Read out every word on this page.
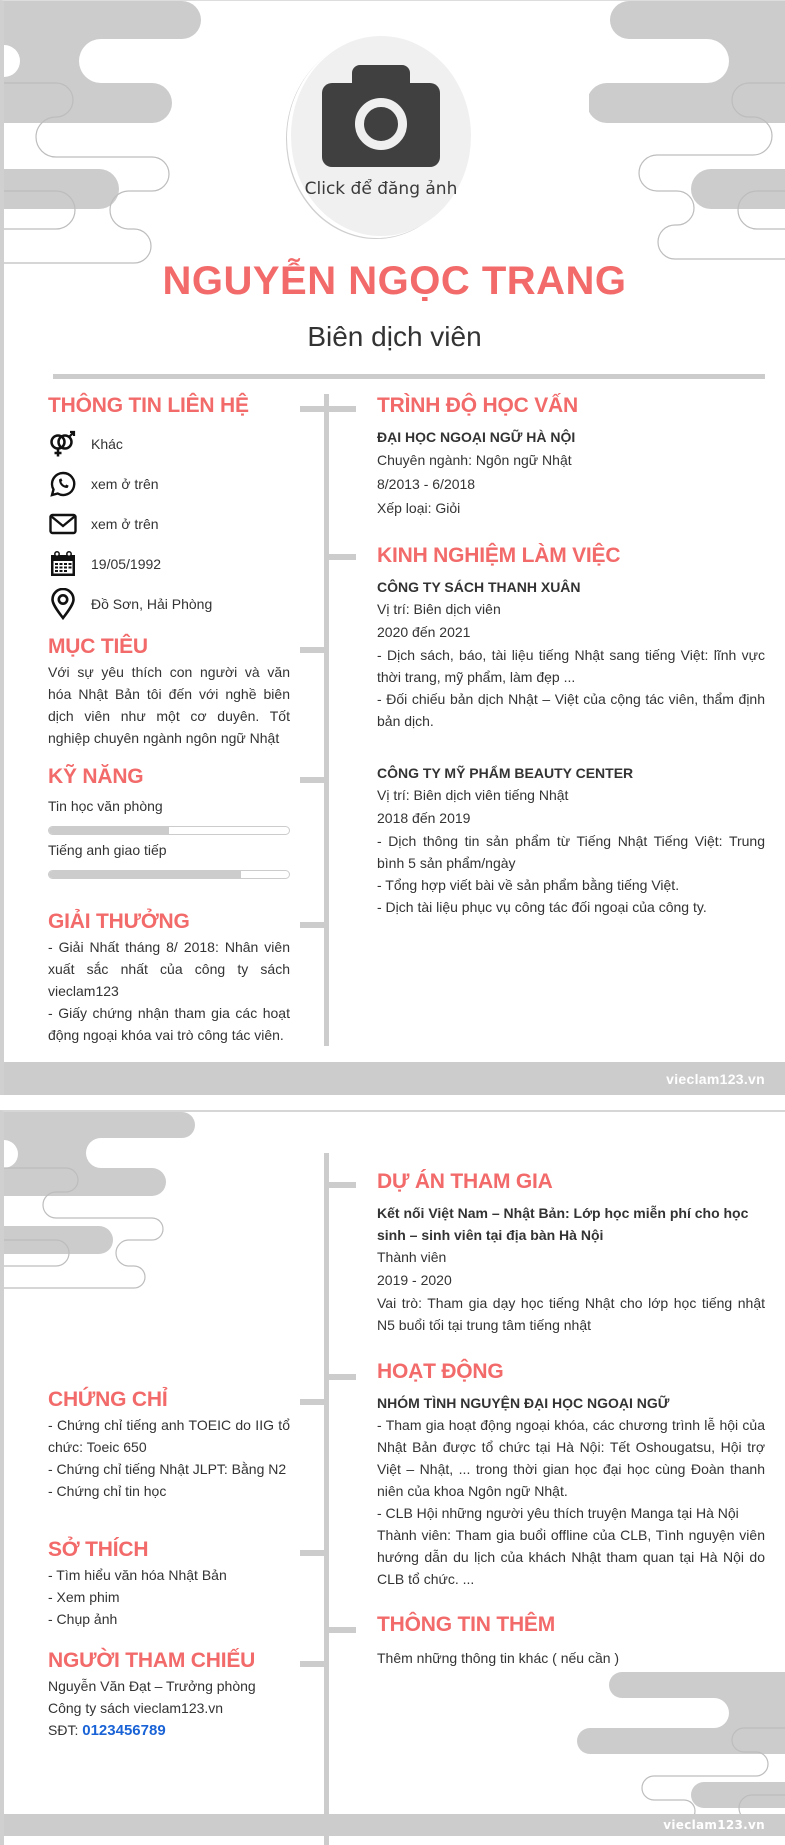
Click để đăng ảnh
NGUYỄN NGỌC TRANG
Biên dịch viên
THÔNG TIN LIÊN HỆ
Khác
xem ở trên
xem ở trên
19/05/1992
Đồ Sơn, Hải Phòng
MỤC TIÊU
Với sự yêu thích con người và văn hóa Nhật Bản tôi đến với nghề biên dịch viên như một cơ duyên. Tốt nghiệp chuyên ngành ngôn ngữ Nhật
KỸ NĂNG
Tin học văn phòng
Tiếng anh giao tiếp
GIẢI THƯỞNG
- Giải Nhất tháng 8/ 2018: Nhân viên xuất sắc nhất của công ty sách vieclam123
- Giấy chứng nhận tham gia các hoạt động ngoại khóa vai trò công tác viên.
TRÌNH ĐỘ HỌC VẤN
ĐẠI HỌC NGOẠI NGỮ HÀ NỘI
Chuyên ngành: Ngôn ngữ Nhật
8/2013 - 6/2018
Xếp loại: Giỏi
KINH NGHIỆM LÀM VIỆC
CÔNG TY SÁCH THANH XUÂN
Vị trí: Biên dịch viên
2020 đến 2021
- Dịch sách, báo, tài liệu tiếng Nhật sang tiếng Việt: lĩnh vực thời trang, mỹ phẩm, làm đẹp ...
- Đối chiếu bản dịch Nhật – Việt của cộng tác viên, thẩm định bản dịch.
CÔNG TY MỸ PHẨM BEAUTY CENTER
Vị trí: Biên dịch viên tiếng Nhật
2018 đến 2019
- Dịch thông tin sản phẩm từ Tiếng Nhật Tiếng Việt: Trung bình 5 sản phẩm/ngày
- Tổng hợp viết bài về sản phẩm bằng tiếng Việt.
- Dịch tài liệu phục vụ công tác đối ngoại của công ty.
vieclam123.vn
CHỨNG CHỈ
- Chứng chỉ tiếng anh TOEIC do IIG tổ chức: Toeic 650
- Chứng chỉ tiếng Nhật JLPT: Bằng N2
- Chứng chỉ tin học
SỞ THÍCH
- Tìm hiểu văn hóa Nhật Bản
- Xem phim
- Chụp ảnh
NGƯỜI THAM CHIẾU
Nguyễn Văn Đạt – Trưởng phòng
Công ty sách vieclam123.vn
SĐT: 0123456789
DỰ ÁN THAM GIA
Kết nối Việt Nam – Nhật Bản: Lớp học miễn phí cho học sinh – sinh viên tại địa bàn Hà Nội
Thành viên
2019 - 2020
Vai trò: Tham gia dạy học tiếng Nhật cho lớp học tiếng nhật N5 buổi tối tại trung tâm tiếng nhật
HOẠT ĐỘNG
NHÓM TÌNH NGUYỆN ĐẠI HỌC NGOẠI NGỮ
- Tham gia hoạt động ngoại khóa, các chương trình lễ hội của Nhật Bản được tổ chức tại Hà Nội: Tết Oshougatsu, Hội trợ Việt – Nhật, ... trong thời gian học đại học cùng Đoàn thanh niên của khoa Ngôn ngữ Nhật.
- CLB Hội những người yêu thích truyện Manga tại Hà Nội
Thành viên: Tham gia buổi offline của CLB, Tình nguyện viên hướng dẫn du lịch của khách Nhật tham quan tại Hà Nội do CLB tổ chức. ...
THÔNG TIN THÊM
Thêm những thông tin khác ( nếu cần )
vieclam123.vn
